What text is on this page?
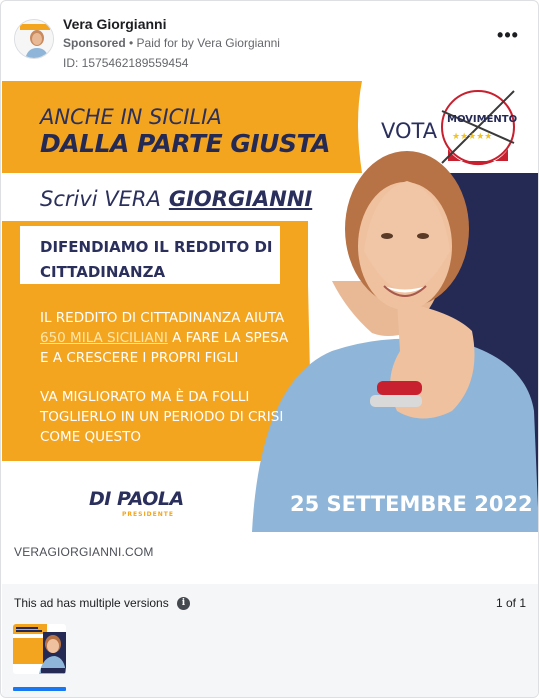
Vera Giorgianni
Sponsored • Paid for by Vera Giorgianni
ID: 1575462189559454
•••
★★★★★
ANCHE IN SICILIA
DALLA PARTE GIUSTA
Scrivi VERA GIORGIANNI
VOTA MOVIMENTO
2050
DIFENDIAMO IL REDDITO DI CITTADINANZA
IL REDDITO DI CITTADINANZA AIUTA 650 MILA SICILIANI A FARE LA SPESA E A CRESCERE I PROPRI FIGLI
VA MIGLIORATO MA È DA FOLLI TOGLIERLO IN UN PERIODO DI CRISI COME QUESTO
25 SETTEMBRE 2022
DI PAOLA
PRESIDENTE
VERAGIORGIANNI.COM
This ad has multiple versions	i	1 of 1
